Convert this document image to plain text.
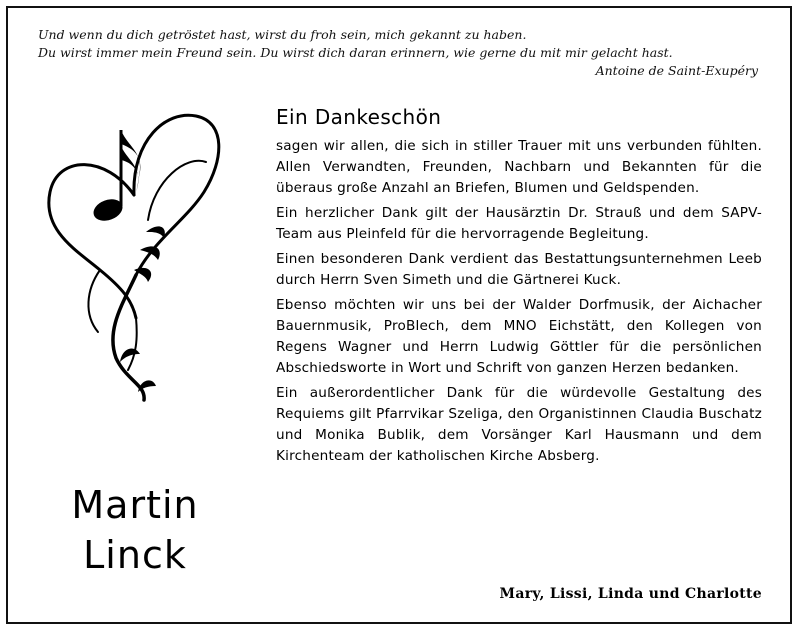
Und wenn du dich getröstet hast, wirst du froh sein, mich gekannt zu haben.
Du wirst immer mein Freund sein. Du wirst dich daran erinnern, wie gerne du mit mir gelacht hast.
Antoine de Saint-Exupéry
Martin
Linck
Ein Dankeschön

sagen wir allen, die sich in stiller Trauer mit uns verbunden fühlten. Allen Verwandten, Freunden, Nachbarn und Bekannten für die überaus große Anzahl an Briefen, Blumen und Geldspenden.

Ein herzlicher Dank gilt der Hausärztin Dr. Strauß und dem SAPV-Team aus Pleinfeld für die hervorragende Begleitung.

Einen besonderen Dank verdient das Bestattungsunternehmen Leeb durch Herrn Sven Simeth und die Gärtnerei Kuck.

Ebenso möchten wir uns bei der Walder Dorfmusik, der Aichacher Bauernmusik, ProBlech, dem MNO Eichstätt, den Kollegen von Regens Wagner und Herrn Ludwig Göttler für die persönlichen Abschiedsworte in Wort und Schrift von ganzen Herzen bedanken.

Ein außerordentlicher Dank für die würdevolle Gestaltung des Requiems gilt Pfarrvikar Szeliga, den Organistinnen Claudia Buschatz und Monika Bublik, dem Vorsänger Karl Hausmann und dem Kirchenteam der katholischen Kirche Absberg.

Mary, Lissi, Linda und Charlotte
